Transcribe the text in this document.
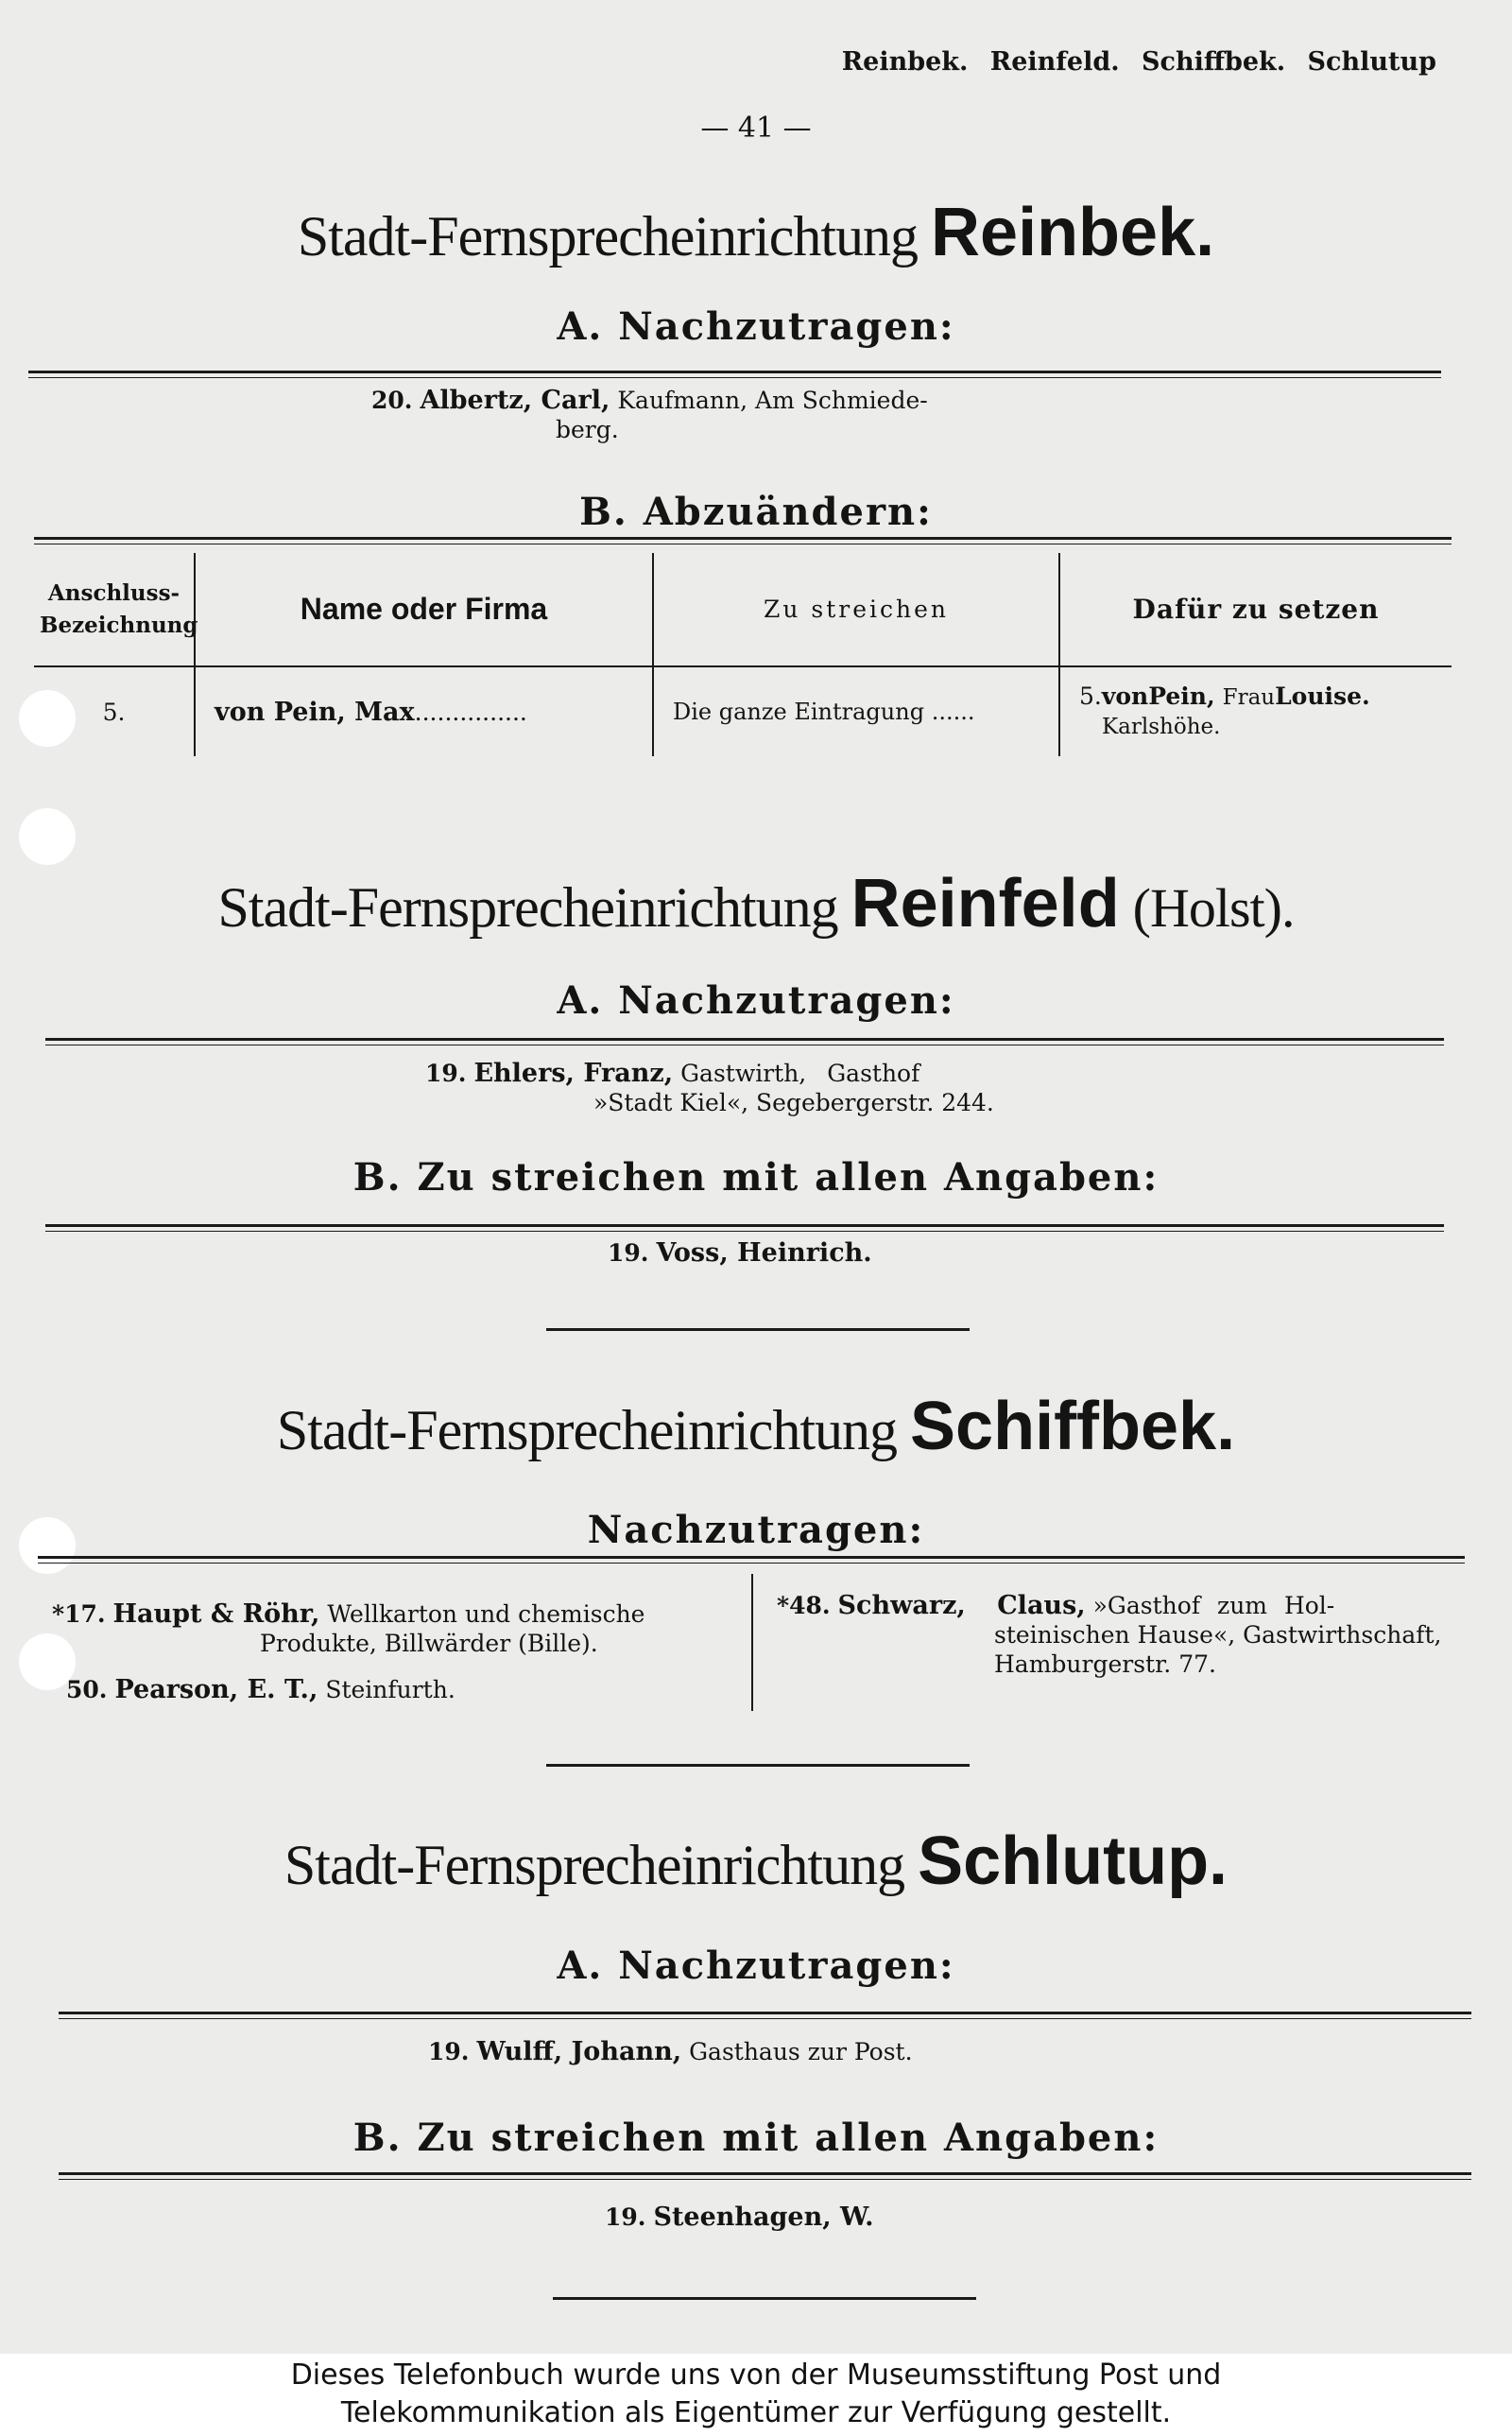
Reinbek. Reinfeld. Schiffbek. Schlutup
— 41 —
Stadt-Fernsprecheinrichtung Reinbek.
A. Nachzutragen:
20. Albertz, Carl, Kaufmann, Am Schmiede-
berg.
B. Abzuändern:
Anschluss-
Bezeichnung	Name oder Firma	Zu streichen	Dafür zu setzen
5.	von Pein, Max...............	Die ganze Eintragung ......	5.vonPein, FrauLouise.
Karlshöhe.
Stadt-Fernsprecheinrichtung Reinfeld (Holst).
A. Nachzutragen:
19. Ehlers, Franz, Gastwirth, Gasthof
»Stadt Kiel«, Segebergerstr. 244.
B. Zu streichen mit allen Angaben:
19. Voss, Heinrich.
Stadt-Fernsprecheinrichtung Schiffbek.
Nachzutragen:
*17. Haupt & Röhr, Wellkarton und chemische
Produkte, Billwärder (Bille).
50. Pearson, E. T., Steinfurth.
*48. Schwarz, Claus, »Gasthof zum Hol-
steinischen Hause«, Gastwirthschaft,
Hamburgerstr. 77.
Stadt-Fernsprecheinrichtung Schlutup.
A. Nachzutragen:
19. Wulff, Johann, Gasthaus zur Post.
B. Zu streichen mit allen Angaben:
19. Steenhagen, W.
Dieses Telefonbuch wurde uns von der Museumsstiftung Post und
Telekommunikation als Eigentümer zur Verfügung gestellt.
